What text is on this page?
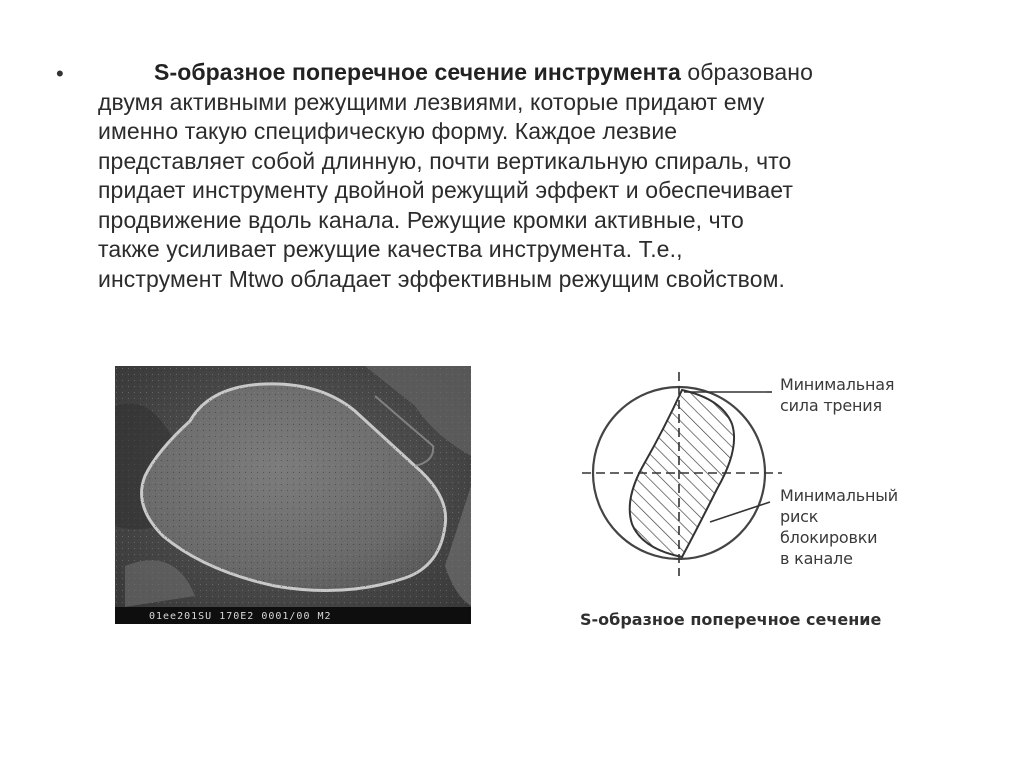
•	S-образное поперечное сечение инструмента образовано
двумя активными режущими лезвиями, которые придают ему
именно такую специфическую форму. Каждое лезвие
представляет собой длинную, почти вертикальную спираль, что
придает инструменту двойной режущий эффект и обеспечивает
продвижение вдоль канала. Режущие кромки активные, что
также усиливает режущие качества инструмента. Т.е.,
инструмент Mtwo обладает эффективным режущим свойством.
01ee201SU 170E2 0001/00 M2
Минимальная
сила трения
Минимальный
риск
блокировки
в канале
S-образное поперечное сечение
